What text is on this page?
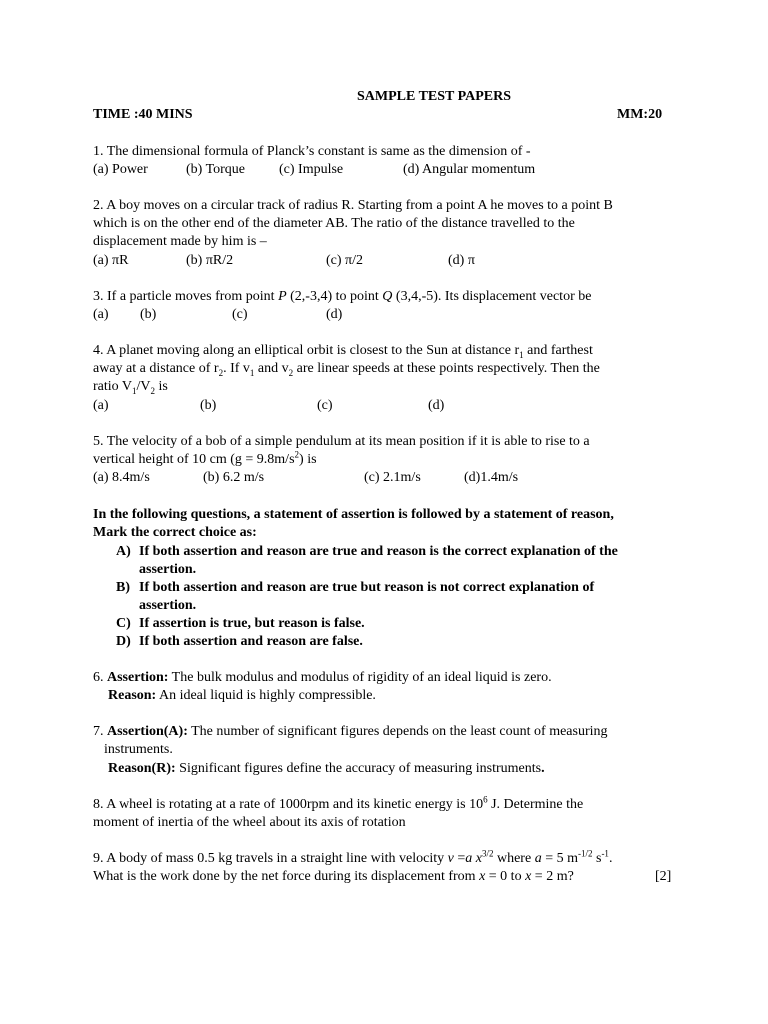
SAMPLE TEST PAPERS
TIME :40 MINS	MM:20
1. The dimensional formula of Planck’s constant is same as the dimension of -
(a) Power	(b) Torque (c) Impulse	(d) Angular momentum
2. A boy moves on a circular track of radius R. Starting from a point A he moves to a point B
which is on the other end of the diameter AB. The ratio of the distance travelled to the
displacement made by him is –
(a) πR	(b) πR/2	(c) π/2	(d) π
3. If a particle moves from point P (2,-3,4) to point Q (3,4,-5). Its displacement vector be
(a) (b)	(c)	(d)
4. A planet moving along an elliptical orbit is closest to the Sun at distance $r_1$ and farthest
away at a distance of $r_2$. If $v_1$ and $v_2$ are linear speeds at these points respectively. Then the
ratio $V_1/V_2$ is
(a)	(b)	(c)	(d)
5. The velocity of a bob of a simple pendulum at its mean position if it is able to rise to a
vertical height of 10 cm $(g = 9.8m/s^2)$ is
(a) 8.4m/s	(b) 6.2 m/s	(c) 2.1m/s	(d)1.4m/s
In the following questions, a statement of assertion is followed by a statement of reason,
Mark the correct choice as:
A) If both assertion and reason are true and reason is the correct explanation of the
assertion.
B) If both assertion and reason are true but reason is not correct explanation of
assertion.
C) If assertion is true, but reason is false.
D) If both assertion and reason are false.
6. Assertion: The bulk modulus and modulus of rigidity of an ideal liquid is zero.
Reason: An ideal liquid is highly compressible.
7. Assertion(A): The number of significant figures depends on the least count of measuring
instruments.
Reason(R): Significant figures define the accuracy of measuring instruments.
8. A wheel is rotating at a rate of 1000rpm and its kinetic energy is $10^6$ J. Determine the
moment of inertia of the wheel about its axis of rotation
9. A body of mass 0.5 kg travels in a straight line with velocity v =a $x^{3/2}$ where a = 5 $m^{-1/2}$ $s^{-1}$.
What is the work done by the net force during its displacement from x = 0 to x = 2 m?	[2]
